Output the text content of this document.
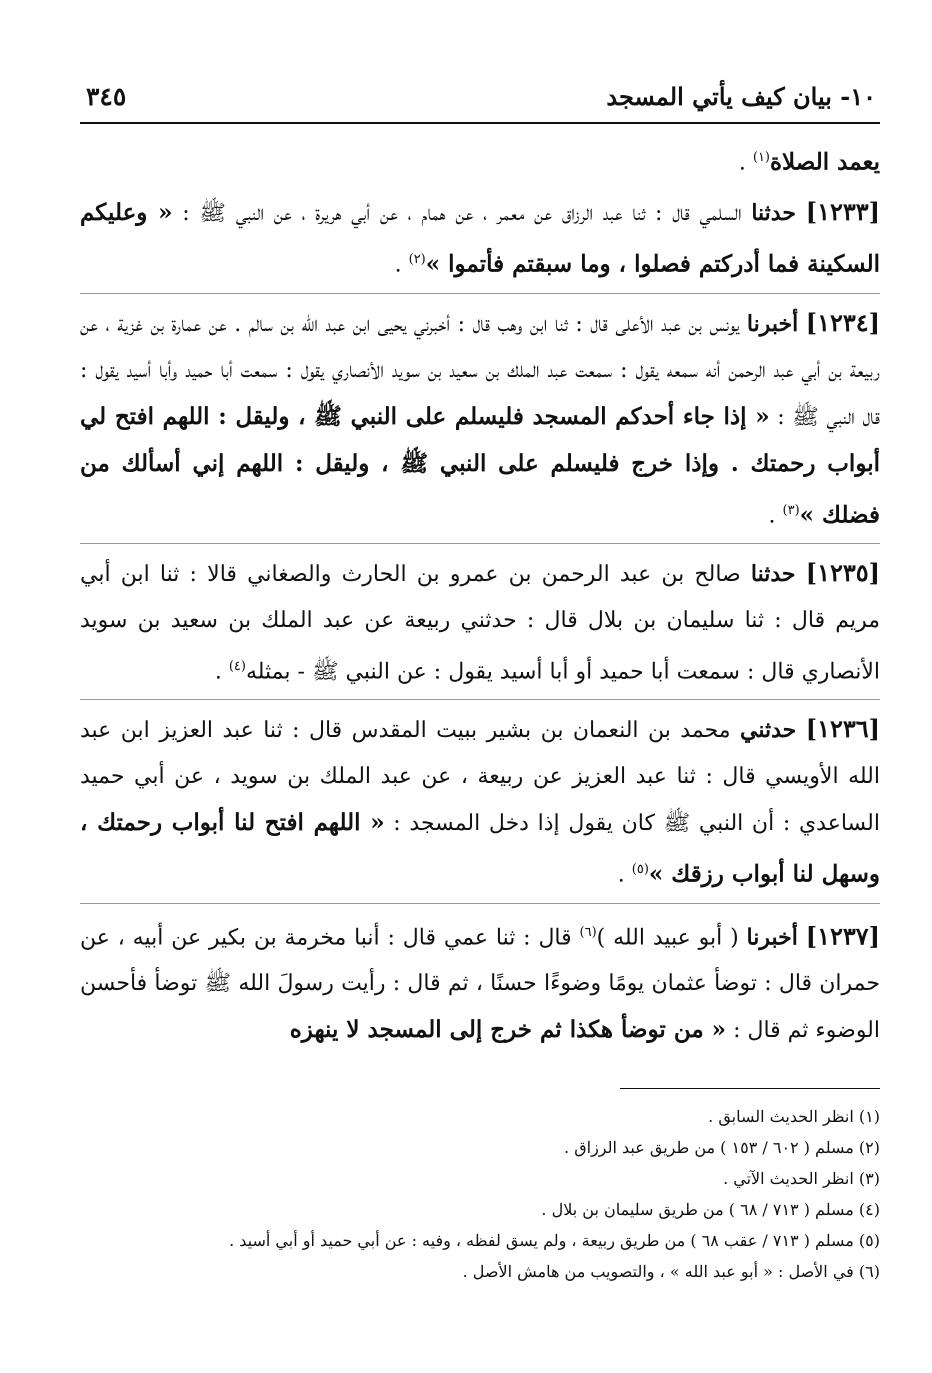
١٠- بيان كيف يأتي المسجد
٣٤٥
يعمد الصلاة$^{(١)}$ .

[١٢٣٣] حدثنا السلمي قال : ثنا عبد الرزاق عن معمر ، عن همام ، عن أبي هريرة ، عن النبي ﷺ : « وعليكم السكينة فما أدركتم فصلوا ، وما سبقتم فأتموا »$^{(٢)}$ .

[١٢٣٤] أخبرنا يونس بن عبد الأعلى قال : ثنا ابن وهب قال : أخبرني يحيى ابن عبد الله بن سالم . عن عمارة بن غزية ، عن ربيعة بن أبي عبد الرحمن أنه سمعه يقول : سمعت عبد الملك بن سعيد بن سويد الأنصاري يقول : سمعت أبا حميد وأبا أسيد يقول : قال النبي ﷺ : « إذا جاء أحدكم المسجد فليسلم على النبي ﷺ ، وليقل : اللهم افتح لي أبواب رحمتك . وإذا خرج فليسلم على النبي ﷺ ، وليقل : اللهم إني أسألك من فضلك »$^{(٣)}$ .

[١٢٣٥] حدثنا صالح بن عبد الرحمن بن عمرو بن الحارث والصغاني قالا : ثنا ابن أبي مريم قال : ثنا سليمان بن بلال قال : حدثني ربيعة عن عبد الملك بن سعيد بن سويد الأنصاري قال : سمعت أبا حميد أو أبا أسيد يقول : عن النبي ﷺ - بمثله$^{(٤)}$ .

[١٢٣٦] حدثني محمد بن النعمان بن بشير ببيت المقدس قال : ثنا عبد العزيز ابن عبد الله الأويسي قال : ثنا عبد العزيز عن ربيعة ، عن عبد الملك بن سويد ، عن أبي حميد الساعدي : أن النبي ﷺ كان يقول إذا دخل المسجد : « اللهم افتح لنا أبواب رحمتك ، وسهل لنا أبواب رزقك »$^{(٥)}$ .

[١٢٣٧] أخبرنا ( أبو عبيد الله )$^{(٦)}$ قال : ثنا عمي قال : أنبا مخرمة بن بكير عن أبيه ، عن حمران قال : توضأ عثمان يومًا وضوءًا حسنًا ، ثم قال : رأيت رسولَ الله ﷺ توضأ فأحسن الوضوء ثم قال : « من توضأ هكذا ثم خرج إلى المسجد لا ينهزه

(١) انظر الحديث السابق .
(٢) مسلم ( ٦٠٢ / ١٥٣ ) من طريق عبد الرزاق .
(٣) انظر الحديث الآتي .
(٤) مسلم ( ٧١٣ / ٦٨ ) من طريق سليمان بن بلال .
(٥) مسلم ( ٧١٣ / عقب ٦٨ ) من طريق ربيعة ، ولم يسق لفظه ، وفيه : عن أبي حميد أو أبي أسيد .
(٦) في الأصل : « أبو عبد الله » ، والتصويب من هامش الأصل .
